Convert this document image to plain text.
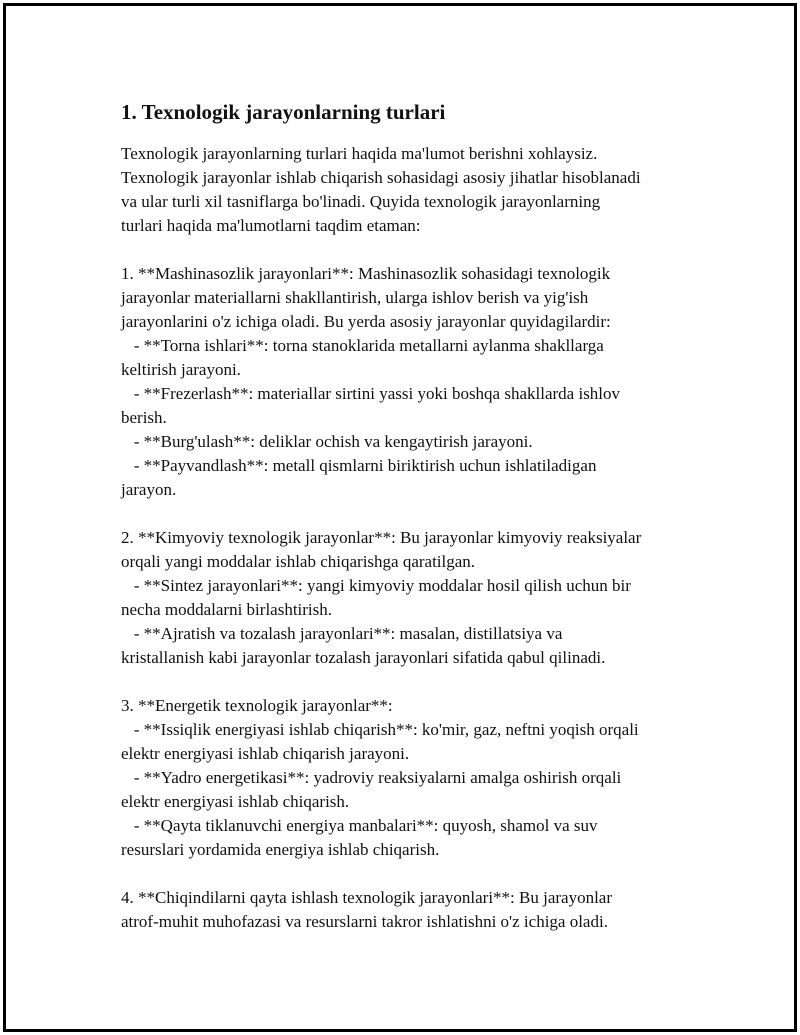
1. Texnologik jarayonlarning turlari
Texnologik jarayonlarning turlari haqida ma'lumot berishni xohlaysiz.
Texnologik jarayonlar ishlab chiqarish sohasidagi asosiy jihatlar hisoblanadi
va ular turli xil tasniflarga bo'linadi. Quyida texnologik jarayonlarning
turlari haqida ma'lumotlarni taqdim etaman:
1. **Mashinasozlik jarayonlari**: Mashinasozlik sohasidagi texnologik
jarayonlar materiallarni shakllantirish, ularga ishlov berish va yig'ish
jarayonlarini o'z ichiga oladi. Bu yerda asosiy jarayonlar quyidagilardir:
- **Torna ishlari**: torna stanoklarida metallarni aylanma shakllarga
keltirish jarayoni.
- **Frezerlash**: materiallar sirtini yassi yoki boshqa shakllarda ishlov
berish.
- **Burg'ulash**: deliklar ochish va kengaytirish jarayoni.
- **Payvandlash**: metall qismlarni biriktirish uchun ishlatiladigan
jarayon.
2. **Kimyoviy texnologik jarayonlar**: Bu jarayonlar kimyoviy reaksiyalar
orqali yangi moddalar ishlab chiqarishga qaratilgan.
- **Sintez jarayonlari**: yangi kimyoviy moddalar hosil qilish uchun bir
necha moddalarni birlashtirish.
- **Ajratish va tozalash jarayonlari**: masalan, distillatsiya va
kristallanish kabi jarayonlar tozalash jarayonlari sifatida qabul qilinadi.
3. **Energetik texnologik jarayonlar**:
- **Issiqlik energiyasi ishlab chiqarish**: ko'mir, gaz, neftni yoqish orqali
elektr energiyasi ishlab chiqarish jarayoni.
- **Yadro energetikasi**: yadroviy reaksiyalarni amalga oshirish orqali
elektr energiyasi ishlab chiqarish.
- **Qayta tiklanuvchi energiya manbalari**: quyosh, shamol va suv
resurslari yordamida energiya ishlab chiqarish.
4. **Chiqindilarni qayta ishlash texnologik jarayonlari**: Bu jarayonlar
atrof-muhit muhofazasi va resurslarni takror ishlatishni o'z ichiga oladi.
